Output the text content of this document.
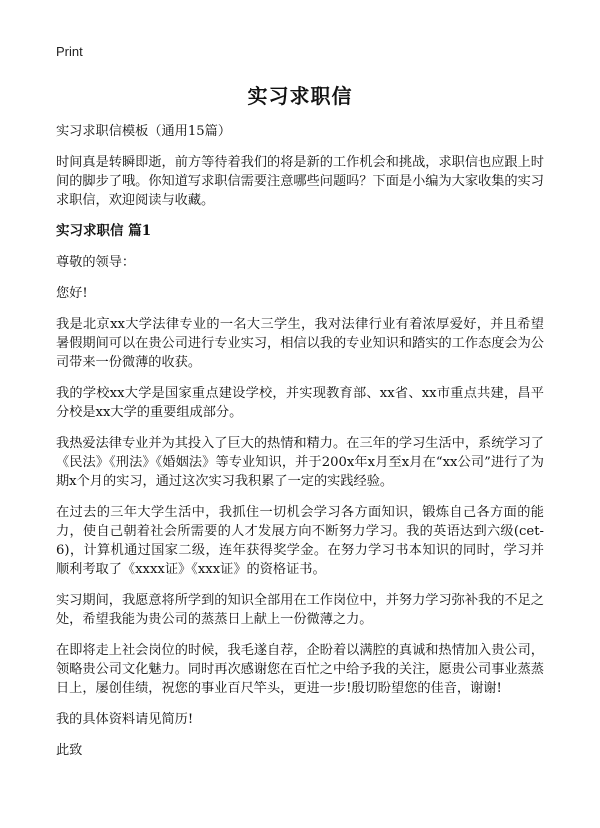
Print
实习求职信

实习求职信模板（通用15篇）

时间真是转瞬即逝，前方等待着我们的将是新的工作机会和挑战，求职信也应跟上时间的脚步了哦。你知道写求职信需要注意哪些问题吗？下面是小编为大家收集的实习求职信，欢迎阅读与收藏。

实习求职信 篇1

尊敬的领导：

您好!

我是北京xx大学法律专业的一名大三学生，我对法律行业有着浓厚爱好，并且希望暑假期间可以在贵公司进行专业实习，相信以我的专业知识和踏实的工作态度会为公司带来一份微薄的收获。

我的学校xx大学是国家重点建设学校，并实现教育部、xx省、xx市重点共建，昌平分校是xx大学的重要组成部分。

我热爱法律专业并为其投入了巨大的热情和精力。在三年的学习生活中，系统学习了《民法》《刑法》《婚姻法》等专业知识，并于200x年x月至x月在“xx公司”进行了为期x个月的实习，通过这次实习我积累了一定的实践经验。

在过去的三年大学生活中，我抓住一切机会学习各方面知识，锻炼自己各方面的能力，使自己朝着社会所需要的人才发展方向不断努力学习。我的英语达到六级(cet-6)，计算机通过国家二级，连年获得奖学金。在努力学习书本知识的同时，学习并顺利考取了《xxxx证》《xxx证》的资格证书。

实习期间，我愿意将所学到的知识全部用在工作岗位中，并努力学习弥补我的不足之处，希望我能为贵公司的蒸蒸日上献上一份微薄之力。

在即将走上社会岗位的时候，我毛遂自荐，企盼着以满腔的真诚和热情加入贵公司，领略贵公司文化魅力。同时再次感谢您在百忙之中给予我的关注，愿贵公司事业蒸蒸日上，屡创佳绩，祝您的事业百尺竿头，更进一步!殷切盼望您的佳音，谢谢!

我的具体资料请见简历!

此致
